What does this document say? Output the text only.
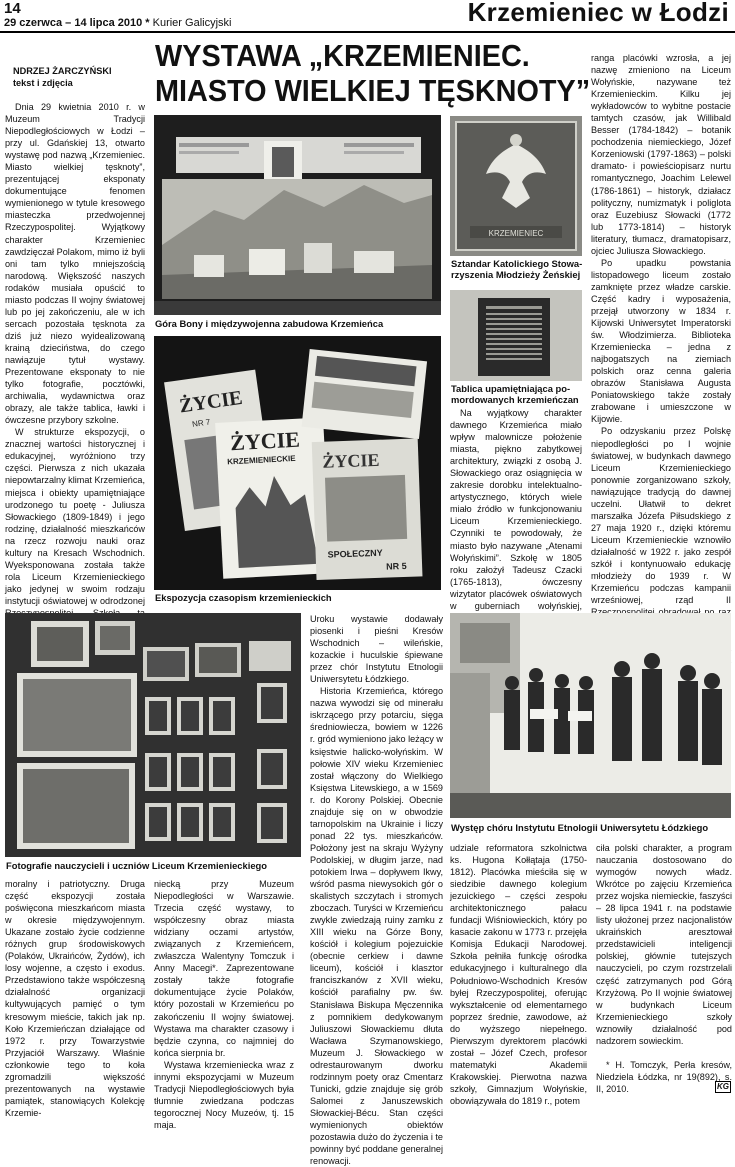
14
29 czerwca – 14 lipca 2010 * Kurier Galicyjski	Krzemieniec w Łodzi
NDRZEJ ŻARCZYŃSKI
tekst i zdjęcia

Dnia 29 kwietnia 2010 r. w Muzeum Tradycji Niepodległościowych w Łodzi – przy ul. Gdańskiej 13, otwarto wystawę pod nazwą „Krzemieniec. Miasto wielkiej tęsknoty”, prezentującej eksponaty dokumentujące fenomen wymienionego w tytule kresowego miasteczka przedwojennej Rzeczypospolitej. Wyjątkowy charakter Krzemieniec zawdzięczał Polakom, mimo iż byli oni tam tylko mniejszością narodową. Większość naszych rodaków musiała opuścić to miasto podczas II wojny światowej lub po jej zakończeniu, ale w ich sercach pozostała tęsknota za dziś już niezo wyidealizowaną krainą dzieciństwa, do czego nawiązuje tytuł wystawy. Prezentowane eksponaty to nie tylko fotografie, pocztówki, archiwalia, wydawnictwa oraz obrazy, ale także tablica, ławki i ówczesne przybory szkolne.

W strukturze ekspozycji, o znacznej wartości historycznej i edukacyjnej, wyróżniono trzy części. Pierwsza z nich ukazała niepowtarzalny klimat Krzemieńca, miejsca i obiekty upamiętniające urodzonego tu poetę - Juliusza Słowackiego (1809-1849) i jego rodzinę, działalność mieszkańców na rzecz rozwoju nauki oraz kultury na Kresach Wschodnich. Wyeksponowana została także rola Liceum Krzemienieckiego jako jedynej w swoim rodzaju instytucji oświatowej w odrodzonej

WYSTAWA „KRZEMIENIEC.
MIASTO WIELKIEJ TĘSKNOTY”
Góra Bony i międzywojenna zabudowa Krzemieńca
KRZEMIENIEC
Sztandar Katolickiego Stowa-
rzyszenia Młodzieży Żeńskiej
Tablica upamiętniająca po-
mordowanych krzemieńczan
ŻYCIE
NR 7
ŻYCIE
KRZEMIENIECKIE ŻYCIE
SPOŁECZNY
NR 5
Ekspozycja czasopism krzemienieckich

Na wyjątkowy charakter dawnego Krzemieńca miało wpływ malownicze położenie miasta, piękno zabytkowej architektury, związki z osobą J. Słowackiego oraz osiągnięcia w zakresie dorobku intelektualno-artystycznego, których wiele miało źródło w funkcjonowaniu Liceum Krzemienieckiego. Czynniki te powodowały, że miasto było nazywane „Atenami Wołyńskimi”. Szkołę w 1805 roku założył Tadeusz Czacki (1765-1813), ówczesny wizytator placówek oświatowych w guberniach wołyńskiej,

ranga placówki wzrosła, a jej nazwę zmieniono na Liceum Wołyńskie, nazywane też Krzemienieckim. Kilku jej wykładowców to wybitne postacie tamtych czasów, jak Willibald Besser (1784-1842) – botanik pochodzenia niemieckiego, Józef Korzeniowski (1797-1863) – polski dramato- i powieściopisarz nurtu romantycznego, Joachim Lelewel (1786-1861) – historyk, działacz polityczny, numizmatyk i poliglota oraz Euzebiusz Słowacki (1772 lub 1773-1814) – historyk literatury, tłumacz, dramatopisarz, ojciec Juliusza Słowackiego.

Po upadku powstania listopadowego liceum zostało zamknięte przez władze carskie. Część kadry i wyposażenia, przejął utworzony w 1834 r. Kijowski Uniwersytet Imperatorski św. Włodzimierza. Biblioteka Krzemieniecka – jedna z najbogatszych na ziemiach polskich oraz cenna galeria obrazów Stanisława Augusta Poniatowskiego także zostały zrabowane i umieszczone w Kijowie.

Po odzyskaniu przez Polskę niepodległości po I wojnie światowej, w budynkach dawnego Liceum Krzemienieckiego ponownie zorganizowano szkoły, nawiązujące tradycją do dawnej uczelni. Ułatwił to dekret marszałka Józefa Piłsudskiego z 27 maja 1920 r., dzięki któremu Liceum Krzemienieckie wznowiło działalność w 1922 r. jako zespół szkół i kontynuowało edukację młodzieży do 1939 r. W Krzemieńcu podczas kampanii wrześniowej, rząd II

Fotografie nauczycieli i uczniów Liceum Krzemienieckiego

Uroku wystawie dodawały piosenki i pieśni Kresów Wschodnich – wileńskie, kozackie i huculskie śpiewane przez chór Instytutu Etnologii Uniwersytetu Łódzkiego.

Historia Krzemieńca, którego nazwa wywodzi się od minerału iskrzącego przy potarciu, sięga średniowiecza, bowiem w 1226 r. gród wymieniono jako leżący w księstwie halicko-wołyńskim. W połowie XIV wieku Krzemieniec został włączony do Wielkiego Księstwa Litewskiego, a w 1569 r. do Korony Polskiej. Obecnie znajduje się on w obwodzie tarnopolskim na Ukrainie i liczy ponad 22 tys. mieszkańców. Położony jest na skraju Wyżyny Podolskiej, w długim jarze, nad potokiem Irwa – dopływem Ikwy, wśród pasma niewysokich gór o skalistych szczytach i stromych zboczach. Turyści w Krzemieńcu zwykle zwiedzają ruiny zamku z XIII wieku na Górze Bony, kościół i kolegium pojezuickie (obecnie cerkiew i dawne liceum), kościół i klasztor franciszkanów z XVII wieku, kościół parafialny pw. św. Stanisława Biskupa Męczennika z pomnikiem dedykowanym Juliuszowi Słowackiemu dłuta Wacława Szymanowskiego, Muzeum J. Słowackiego w odrestaurowanym dworku rodzinnym poety oraz Cmentarz Tunicki, gdzie znajduje się grób Salomei z Januszewskich Słowackiej-Bécu. Stan części wymienionych obiektów pozostawia dużo do życzenia i te powinny być poddane generalnej renowacji.

Występ chóru Instytutu Etnologii Uniwersytetu Łódzkiego

moralny i patriotyczny. Druga część ekspozycji została poświęcona mieszkańcom miasta w okresie międzywojennym. Ukazane zostało życie codzienne różnych grup środowiskowych (Polaków, Ukraińców, Żydów), ich losy wojenne, a często i exodus. Przedstawiono także współczesną działalność organizacji kultywujących pamięć o tym kresowym mieście, takich jak np. Koło Krzemieńczan działające od 1972 r. przy Towarzystwie Przyjaciół Warszawy. Właśnie członkowie tego to koła zgromadzili większość prezentowanych na wystawie pamiątek, stanowiących Kolekcję Krzemie-

niecką przy Muzeum Niepodległości w Warszawie. Trzecia część wystawy, to współczesny obraz miasta widziany oczami artystów, związanych z Krzemieńcem, zwłaszcza Walentyny Tomczuk i Anny Macegi*. Zaprezentowane zostały także fotografie dokumentujące życie Polaków, który pozostali w Krzemieńcu po zakończeniu II wojny światowej. Wystawa ma charakter czasowy i będzie czynna, co najmniej do końca sierpnia br.

Wystawa krzemieniecka wraz z innymi ekspozycjami w Muzeum Tradycji Niepodległościowych była tłumnie zwiedzana podczas tegorocznej Nocy Muzeów, tj. 15 maja.

udziale reformatora szkolnictwa ks. Hugona Kołłątaja (1750-1812). Placówka mieściła się w siedzibie dawnego kolegium jezuickiego – części zespołu architektonicznego pałacu fundacji Wiśniowieckich, który po kasacie zakonu w 1773 r. przejęła Komisja Edukacji Narodowej. Szkoła pełniła funkcję ośrodka edukacyjnego i kulturalnego dla Południowo-Wschodnich Kresów byłej Rzeczypospolitej, oferując wykształcenie od elementarnego poprzez średnie, zawodowe, aż do wyższego niepełnego. Pierwszym dyrektorem placówki został – Józef Czech, profesor matematyki Akademii Krakowskiej. Pierwotna nazwa szkoły, Gimnazjum Wołyńskie, obowiązywała do 1819 r., potem

ciła polski charakter, a program nauczania dostosowano do wymogów nowych władz. Wkrótce po zajęciu Krzemieńca przez wojska niemieckie, faszyści – 28 lipca 1941 r. na podstawie listy ułożonej przez nacjonalistów ukraińskich aresztował przedstawicieli inteligencji polskiej, głównie tutejszych nauczycieli, po czym rozstrzelali część zatrzymanych pod Górą Krzyżową. Po II wojnie światowej w budynkach Liceum Krzemienieckiego szkoły wznowiły działalność pod nadzorem sowieckim.

* H. Tomczyk, Perła kresów, Niedziela Łódzka, nr 19(892), s. II, 2010.	KG
